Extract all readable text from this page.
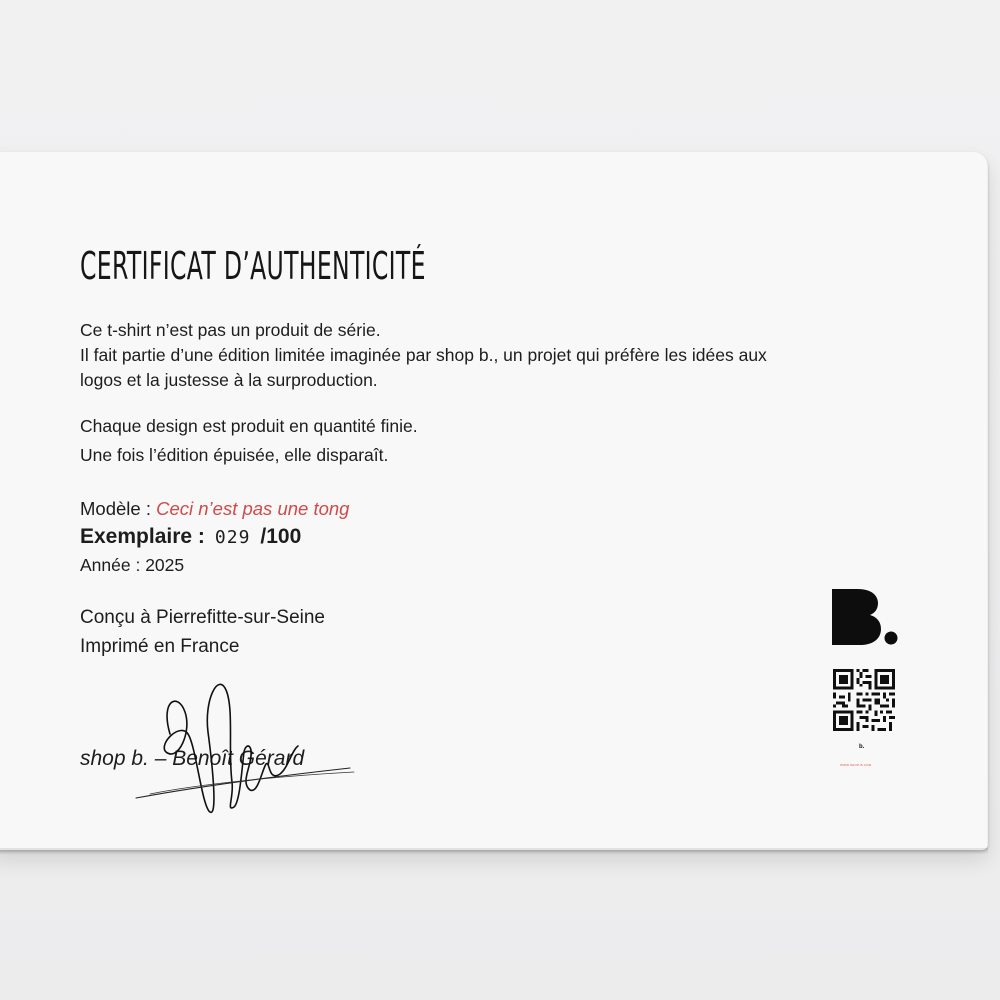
CERTIFICAT D’AUTHENTICITÉ
Ce t-shirt n’est pas un produit de série.
Il fait partie d’une édition limitée imaginée par shop b., un projet qui préfère les idées aux
logos et la justesse à la surproduction.
Chaque design est produit en quantité finie.
Une fois l’édition épuisée, elle disparaît.
Modèle : Ceci n’est pas une tong
Exemplaire : 029 /100
Année : 2025
Conçu à Pierrefitte-sur-Seine
Imprimé en France
shop b. – Benoît Gérard	b.
WWW.SHOP-B.COM
